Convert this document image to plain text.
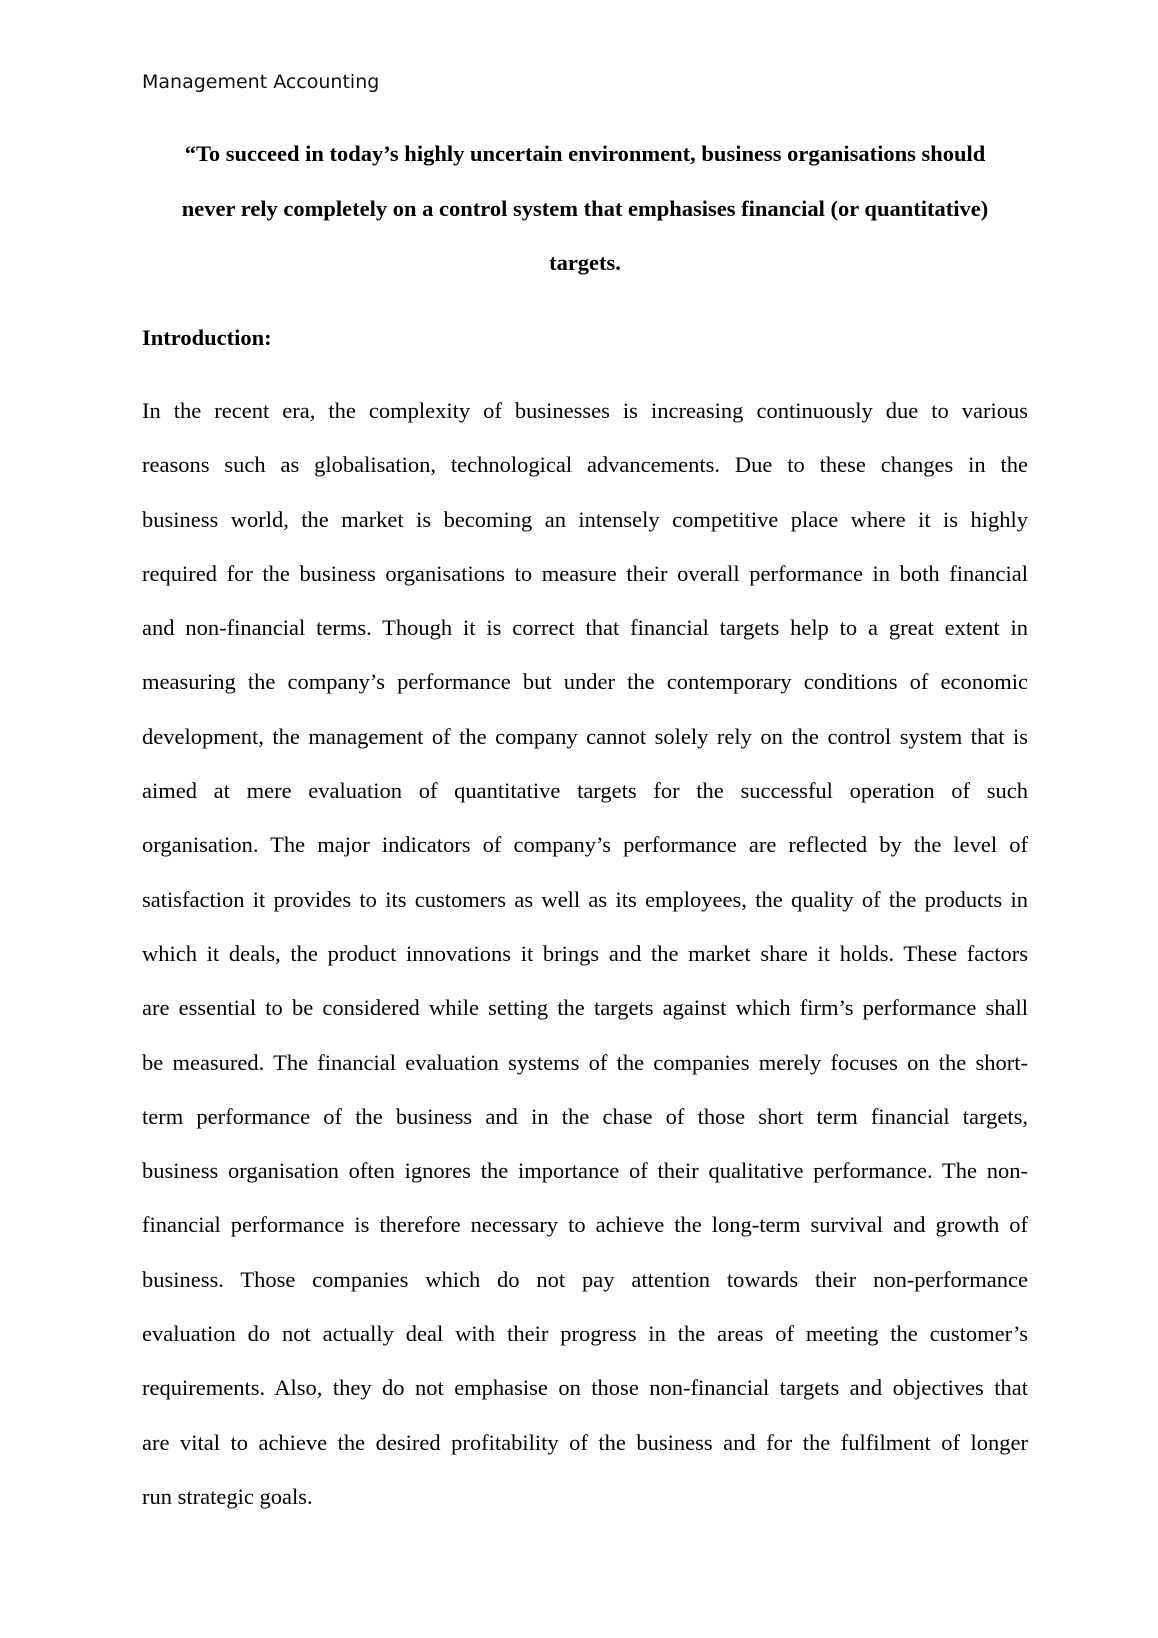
Management Accounting
“To succeed in today’s highly uncertain environment, business organisations should
never rely completely on a control system that emphasises financial (or quantitative)
targets.
Introduction:

In the recent era, the complexity of businesses is increasing continuously due to various
reasons such as globalisation, technological advancements. Due to these changes in the
business world, the market is becoming an intensely competitive place where it is highly
required for the business organisations to measure their overall performance in both financial
and non-financial terms. Though it is correct that financial targets help to a great extent in
measuring the company’s performance but under the contemporary conditions of economic
development, the management of the company cannot solely rely on the control system that is
aimed at mere evaluation of quantitative targets for the successful operation of such
organisation. The major indicators of company’s performance are reflected by the level of
satisfaction it provides to its customers as well as its employees, the quality of the products in
which it deals, the product innovations it brings and the market share it holds. These factors
are essential to be considered while setting the targets against which firm’s performance shall
be measured. The financial evaluation systems of the companies merely focuses on the short-
term performance of the business and in the chase of those short term financial targets,
business organisation often ignores the importance of their qualitative performance. The non-
financial performance is therefore necessary to achieve the long-term survival and growth of
business. Those companies which do not pay attention towards their non-performance
evaluation do not actually deal with their progress in the areas of meeting the customer’s
requirements. Also, they do not emphasise on those non-financial targets and objectives that
are vital to achieve the desired profitability of the business and for the fulfilment of longer
run strategic goals.
